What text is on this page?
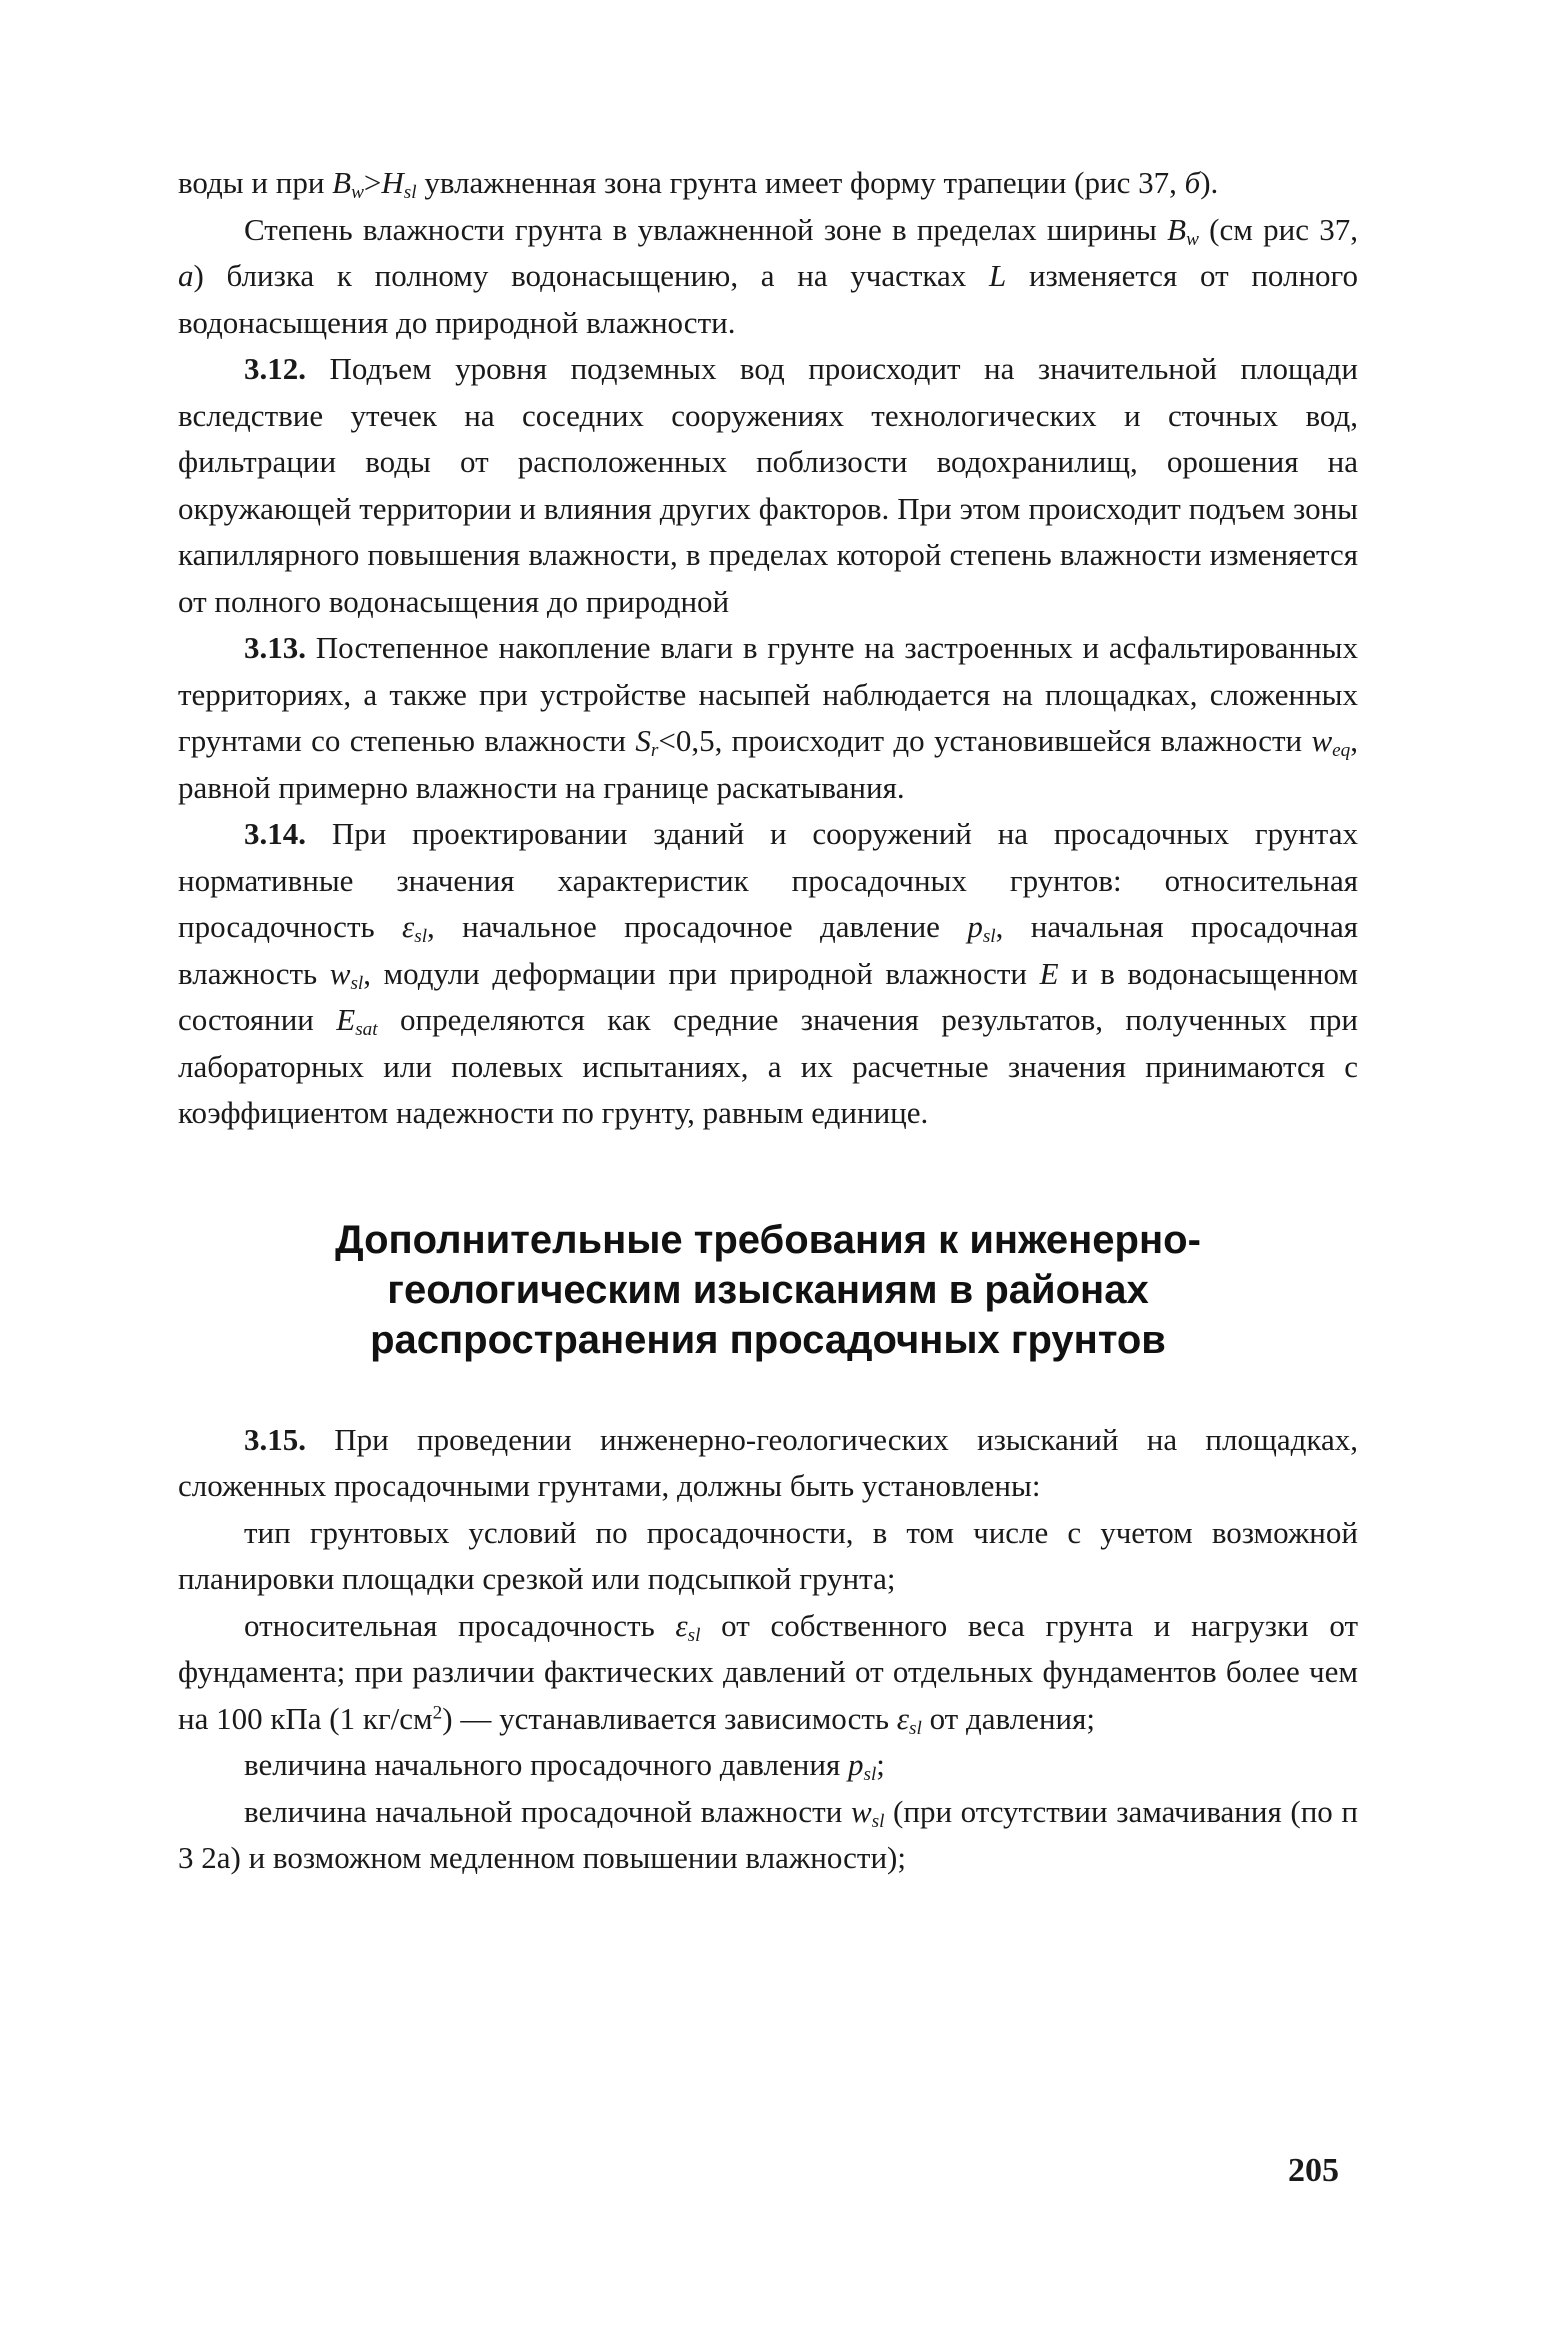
воды и при $B_w>H_{sl}$ увлажненная зона грунта имеет форму трапеции (рис 37, б).

Степень влажности грунта в увлажненной зоне в пределах ширины $B_w$ (см рис 37, а) близка к полному водонасыщению, а на участках L изменяется от полного водонасыщения до природной влажности.

3.12. Подъем уровня подземных вод происходит на значительной площади вследствие утечек на соседних сооружениях технологических и сточных вод, фильтрации воды от расположенных поблизости водохранилищ, орошения на окружающей территории и влияния других факторов. При этом происходит подъем зоны капиллярного повышения влажности, в пределах которой степень влажности изменяется от полного водонасыщения до природной

3.13. Постепенное накопление влаги в грунте на застроенных и асфальтированных территориях, а также при устройстве насыпей наблюдается на площадках, сложенных грунтами со степенью влажности $S_r<0,5$, происходит до установившейся влажности $w_{eq}$, равной примерно влажности на границе раскатывания.

3.14. При проектировании зданий и сооружений на просадочных грунтах нормативные значения характеристик просадочных грунтов: относительная просадочность $\varepsilon_{sl}$, начальное просадочное давление $p_{sl}$, начальная просадочная влажность $w_{sl}$, модули деформации при природной влажности E и в водонасыщенном состоянии $E_{sat}$ определяются как средние значения результатов, полученных при лабораторных или полевых испытаниях, а их расчетные значения принимаются с коэффициентом надежности по грунту, равным единице.

Дополнительные требования к инженерно-
геологическим изысканиям в районах
распространения просадочных грунтов

3.15. При проведении инженерно-геологических изысканий на площадках, сложенных просадочными грунтами, должны быть установлены:

тип грунтовых условий по просадочности, в том числе с учетом возможной планировки площадки срезкой или подсыпкой грунта;

относительная просадочность $\varepsilon_{sl}$ от собственного веса грунта и нагрузки от фундамента; при различии фактических давлений от отдельных фундаментов более чем на 100 кПа (1 $кг/см^2$) — устанавливается зависимость $\varepsilon_{sl}$ от давления;

величина начального просадочного давления $p_{sl}$;

величина начальной просадочной влажности $w_{sl}$ (при отсутствии замачивания (по п 3 2а) и возможном медленном повышении влажности);

205
